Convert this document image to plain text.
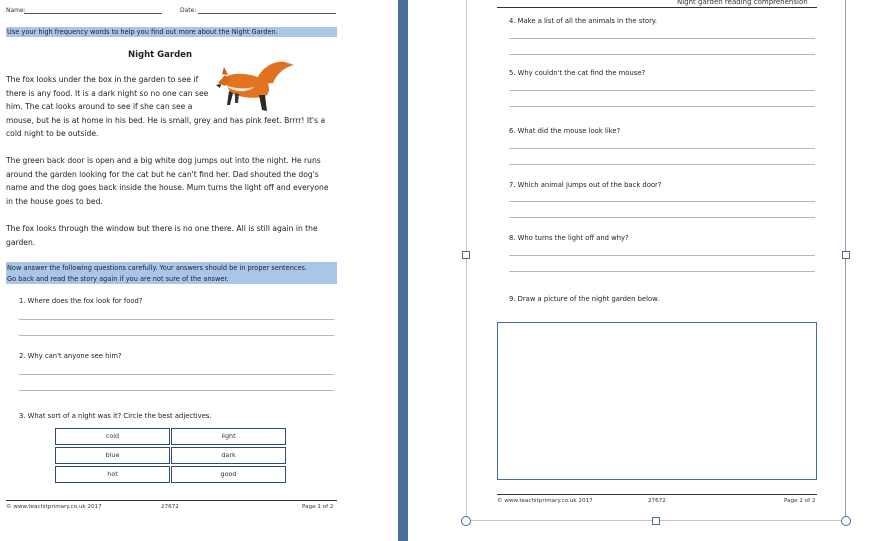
Name:	Date:
Use your high frequency words to help you find out more about the Night Garden.
Night Garden
The fox looks under the box in the garden to see if
there is any food. It is a dark night so no one can see
him. The cat looks around to see if she can see a
mouse, but he is at home in his bed. He is small, grey and has pink feet. Brrrr! It's a
cold night to be outside.
The green back door is open and a big white dog jumps out into the night. He runs
around the garden looking for the cat but he can't find her. Dad shouted the dog's
name and the dog goes back inside the house. Mum turns the light off and everyone
in the house goes to bed.
The fox looks through the window but there is no one there. All is still again in the
garden.
Now answer the following questions carefully. Your answers should be in proper sentences.
Go back and read the story again if you are not sure of the answer.
1. Where does the fox look for food?
2. Why can't anyone see him?
3. What sort of a night was it? Circle the best adjectives.
cold	light
blue	dark
hot	good
© www.teachitprimary.co.uk 2017	27672	Page 1 of 2
Night garden reading comprehension
4. Make a list of all the animals in the story.
5. Why couldn't the cat find the mouse?
6. What did the mouse look like?
7. Which animal jumps out of the back door?
8. Who turns the light off and why?
9. Draw a picture of the night garden below.
© www.teachitprimary.co.uk 2017	27672	Page 2 of 2
